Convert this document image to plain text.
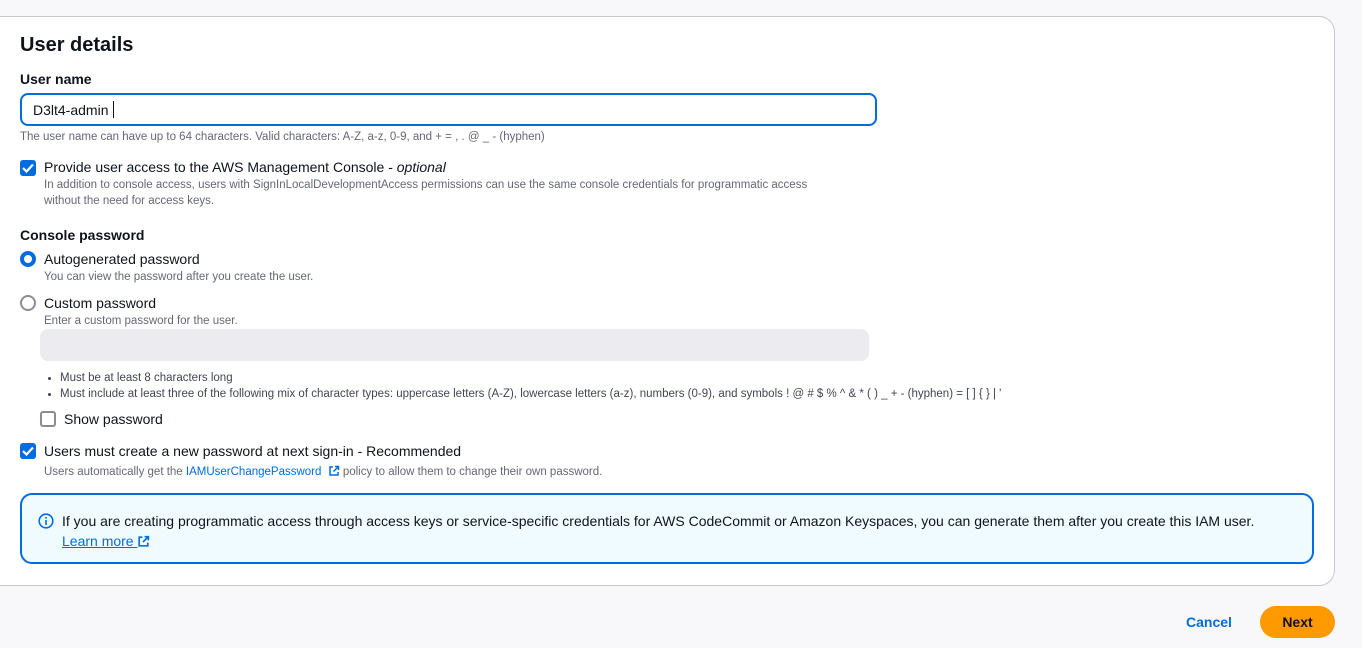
User details
User name
D3lt4-admin
The user name can have up to 64 characters. Valid characters: A-Z, a-z, 0-9, and + = , . @ _ - (hyphen)
Provide user access to the AWS Management Console - optional
In addition to console access, users with SignInLocalDevelopmentAccess permissions can use the same console credentials for programmatic access
without the need for access keys.
Console password
Autogenerated password
You can view the password after you create the user.
Custom password
Enter a custom password for the user.
Must be at least 8 characters long
Must include at least three of the following mix of character types: uppercase letters (A-Z), lowercase letters (a-z), numbers (0-9), and symbols ! @ # $ % ^ & * ( ) _ + - (hyphen) = [ ] { } | '
Show password
Users must create a new password at next sign-in - Recommended
Users automatically get the IAMUserChangePassword  policy to allow them to change their own password.
If you are creating programmatic access through access keys or service-specific credentials for AWS CodeCommit or Amazon Keyspaces, you can generate them after you create this IAM user.
Learn more
Cancel	Next
